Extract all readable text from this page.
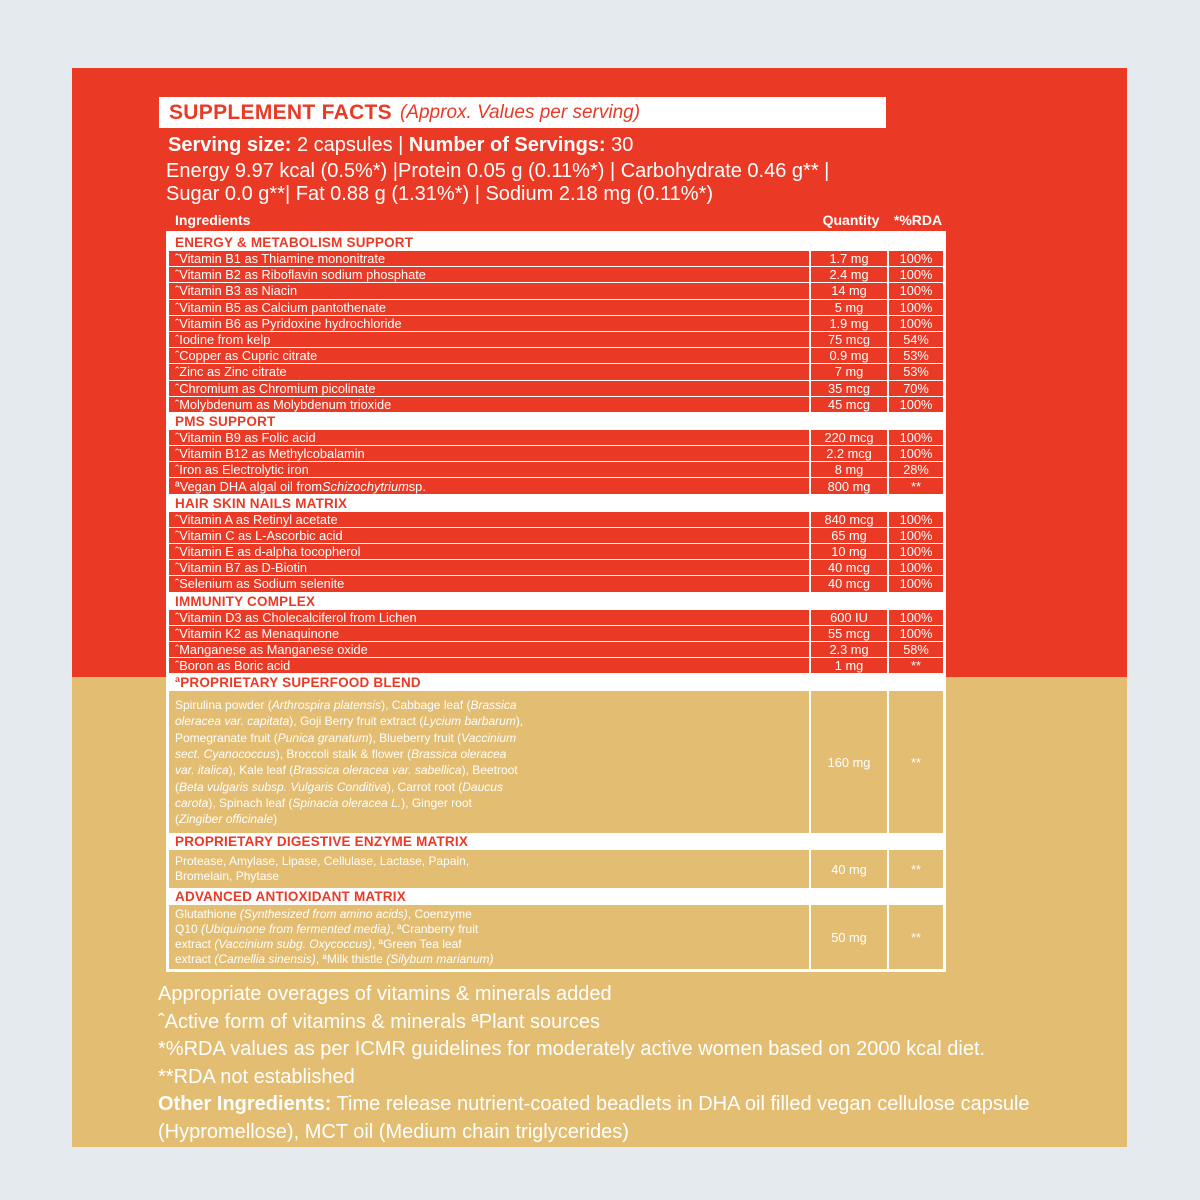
SUPPLEMENT FACTS (Approx. Values per serving)
Serving size: 2 capsules | Number of Servings: 30
Energy 9.97 kcal (0.5%*) |Protein 0.05 g (0.11%*) | Carbohydrate 0.46 g** |
Sugar 0.0 g**| Fat 0.88 g (1.31%*) | Sodium 2.18 mg (0.11%*)
Ingredients	Quantity	*%RDA
ENERGY & METABOLISM SUPPORT
ˆVitamin B1 as Thiamine mononitrate	1.7 mg	100%
ˆVitamin B2 as Riboflavin sodium phosphate	2.4 mg	100%
ˆVitamin B3 as Niacin	14 mg	100%
ˆVitamin B5 as Calcium pantothenate	5 mg	100%
ˆVitamin B6 as Pyridoxine hydrochloride	1.9 mg	100%
ˆIodine from kelp	75 mcg	54%
ˆCopper as Cupric citrate	0.9 mg	53%
ˆZinc as Zinc citrate	7 mg	53%
ˆChromium as Chromium picolinate	35 mcg	70%
ˆMolybdenum as Molybdenum trioxide	45 mcg	100%
PMS SUPPORT
ˆVitamin B9 as Folic acid	220 mcg	100%
ˆVitamin B12 as Methylcobalamin	2.2 mcg	100%
ˆIron as Electrolytic iron	8 mg	28%
ªVegan DHA algal oil from Schizochytrium sp.	800 mg	**
HAIR SKIN NAILS MATRIX
ˆVitamin A as Retinyl acetate	840 mcg	100%
ˆVitamin C as L-Ascorbic acid	65 mg	100%
ˆVitamin E as d-alpha tocopherol	10 mg	100%
ˆVitamin B7 as D-Biotin	40 mcg	100%
ˆSelenium as Sodium selenite	40 mcg	100%
IMMUNITY COMPLEX
ˆVitamin D3 as Cholecalciferol from Lichen	600 IU	100%
ˆVitamin K2 as Menaquinone	55 mcg	100%
ˆManganese as Manganese oxide	2.3 mg	58%
ˆBoron as Boric acid	1 mg	**
ªPROPRIETARY SUPERFOOD BLEND
Spirulina powder (Arthrospira platensis), Cabbage leaf (Brassica
oleracea var. capitata), Goji Berry fruit extract (Lycium barbarum),
Pomegranate fruit (Punica granatum), Blueberry fruit (Vaccinium
sect. Cyanococcus), Broccoli stalk & flower (Brassica oleracea
var. italica), Kale leaf (Brassica oleracea var. sabellica), Beetroot
(Beta vulgaris subsp. Vulgaris Conditiva), Carrot root (Daucus
carota), Spinach leaf (Spinacia oleracea L.), Ginger root
(Zingiber officinale)
160 mg	**
PROPRIETARY DIGESTIVE ENZYME MATRIX
Protease, Amylase, Lipase, Cellulase, Lactase, Papain,
Bromelain, Phytase	40 mg	**
ADVANCED ANTIOXIDANT MATRIX
Glutathione (Synthesized from amino acids), Coenzyme
Q10 (Ubiquinone from fermented media), ªCranberry fruit
extract (Vaccinium subg. Oxycoccus), ªGreen Tea leaf
extract (Camellia sinensis), ªMilk thistle (Silybum marianum)
50 mg	**
Appropriate overages of vitamins & minerals added
ˆActive form of vitamins & minerals ªPlant sources
*%RDA values as per ICMR guidelines for moderately active women based on 2000 kcal diet.
**RDA not established
Other Ingredients: Time release nutrient-coated beadlets in DHA oil filled vegan cellulose capsule
(Hypromellose), MCT oil (Medium chain triglycerides)
